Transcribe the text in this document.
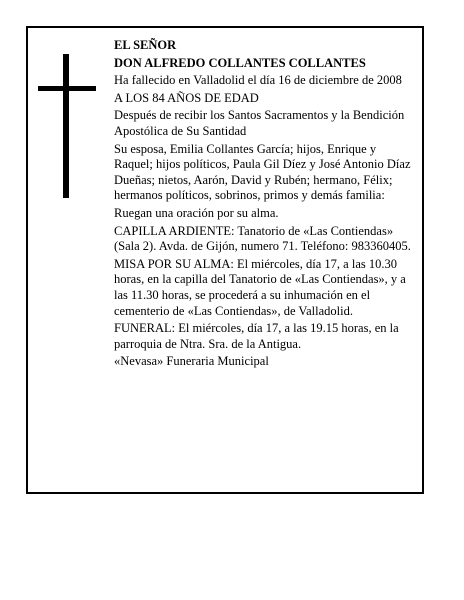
EL SEÑOR

DON ALFREDO COLLANTES COLLANTES

Ha fallecido en Valladolid el día 16 de diciembre de 2008

A LOS 84 AÑOS DE EDAD

Después de recibir los Santos Sacramentos y la Bendición Apostólica de Su Santidad

Su esposa, Emilia Collantes García; hijos, Enrique y Raquel; hijos políticos, Paula Gil Díez y José Antonio Díaz Dueñas; nietos, Aarón, David y Rubén; hermano, Félix; hermanos políticos, sobrinos, primos y demás familia:

Ruegan una oración por su alma.

CAPILLA ARDIENTE: Tanatorio de «Las Contiendas» (Sala 2). Avda. de Gijón, numero 71. Teléfono: 983360405.

MISA POR SU ALMA: El miércoles, día 17, a las 10.30 horas, en la capilla del Tanatorio de «Las Contiendas», y a las 11.30 horas, se procederá a su inhumación en el cementerio de «Las Contiendas», de Valladolid.

FUNERAL: El miércoles, día 17, a las 19.15 horas, en la parroquia de Ntra. Sra. de la Antigua.

«Nevasa» Funeraria Municipal
